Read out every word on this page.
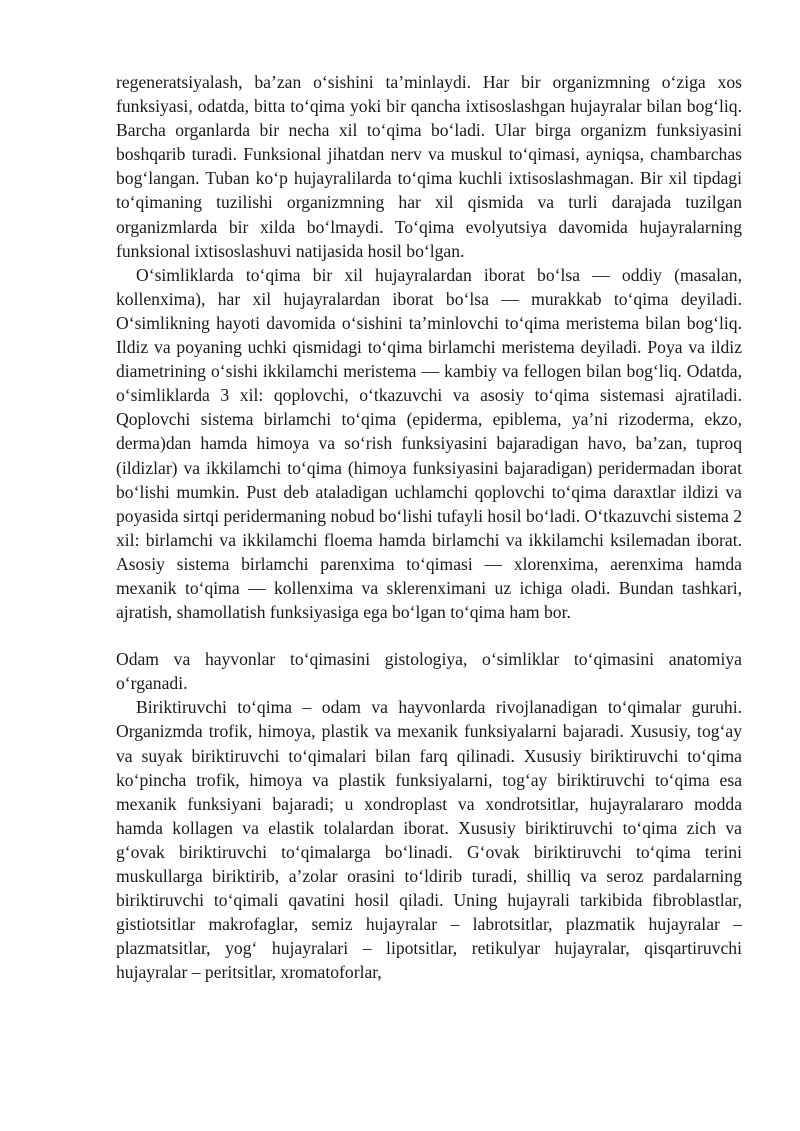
regeneratsiyalash, ba’zan o‘sishini ta’minlaydi. Har bir organizmning o‘ziga xos funksiyasi, odatda, bitta to‘qima yoki bir qancha ixtisoslashgan hujayralar bilan bog‘liq. Barcha organlarda bir necha xil to‘qima bo‘ladi. Ular birga organizm funksiyasini boshqarib turadi. Funksional jihatdan nerv va muskul to‘qimasi, ayniqsa, chambarchas bog‘langan. Tuban ko‘p hujayralilarda to‘qima kuchli ixtisoslashmagan. Bir xil tipdagi to‘qimaning tuzilishi organizmning har xil qismida va turli darajada tuzilgan organizmlarda bir xilda bo‘lmaydi. To‘qima evolyutsiya davomida hujayralarning funksional ixtisoslashuvi natijasida hosil bo‘lgan.

O‘simliklarda to‘qima bir xil hujayralardan iborat bo‘lsa — oddiy (masalan, kollenxima), har xil hujayralardan iborat bo‘lsa — murakkab to‘qima deyiladi. O‘simlikning hayoti davomida o‘sishini ta’minlovchi to‘qima meristema bilan bog‘liq. Ildiz va poyaning uchki qismidagi to‘qima birlamchi meristema deyiladi. Poya va ildiz diametrining o‘sishi ikkilamchi meristema — kambiy va fellogen bilan bog‘liq. Odatda, o‘simliklarda 3 xil: qoplovchi, o‘tkazuvchi va asosiy to‘qima sistemasi ajratiladi. Qoplovchi sistema birlamchi to‘qima (epiderma, epiblema, ya’ni rizoderma, ekzo, derma)dan hamda himoya va so‘rish funksiyasini bajaradigan havo, ba’zan, tuproq (ildizlar) va ikkilamchi to‘qima (himoya funksiyasini bajaradigan) peridermadan iborat bo‘lishi mumkin. Pust deb ataladigan uchlamchi qoplovchi to‘qima daraxtlar ildizi va poyasida sirtqi peridermaning nobud bo‘lishi tufayli hosil bo‘ladi. O‘tkazuvchi sistema 2 xil: birlamchi va ikkilamchi floema hamda birlamchi va ikkilamchi ksilemadan iborat. Asosiy sistema birlamchi parenxima to‘qimasi — xlorenxima, aerenxima hamda mexanik to‘qima — kollenxima va sklerenximani uz ichiga oladi. Bundan tashkari, ajratish, shamollatish funksiyasiga ega bo‘lgan to‘qima ham bor.

Odam va hayvonlar to‘qimasini gistologiya, o‘simliklar to‘qimasini anatomiya o‘rganadi.

Biriktiruvchi to‘qima – odam va hayvonlarda rivojlanadigan to‘qimalar guruhi. Organizmda trofik, himoya, plastik va mexanik funksiyalarni bajaradi. Xususiy, tog‘ay va suyak biriktiruvchi to‘qimalari bilan farq qilinadi. Xususiy biriktiruvchi to‘qima ko‘pincha trofik, himoya va plastik funksiyalarni, tog‘ay biriktiruvchi to‘qima esa mexanik funksiyani bajaradi; u xondroplast va xondrotsitlar, hujayralararo modda hamda kollagen va elastik tolalardan iborat. Xususiy biriktiruvchi to‘qima zich va g‘ovak biriktiruvchi to‘qimalarga bo‘linadi. G‘ovak biriktiruvchi to‘qima terini muskullarga biriktirib, a’zolar orasini to‘ldirib turadi, shilliq va seroz pardalarning biriktiruvchi to‘qimali qavatini hosil qiladi. Uning hujayrali tarkibida fibroblastlar, gistiotsitlar makrofaglar, semiz hujayralar – labrotsitlar, plazmatik hujayralar – plazmatsitlar, yog‘ hujayralari – lipotsitlar, retikulyar hujayralar, qisqartiruvchi hujayralar – peritsitlar, xromatoforlar,
